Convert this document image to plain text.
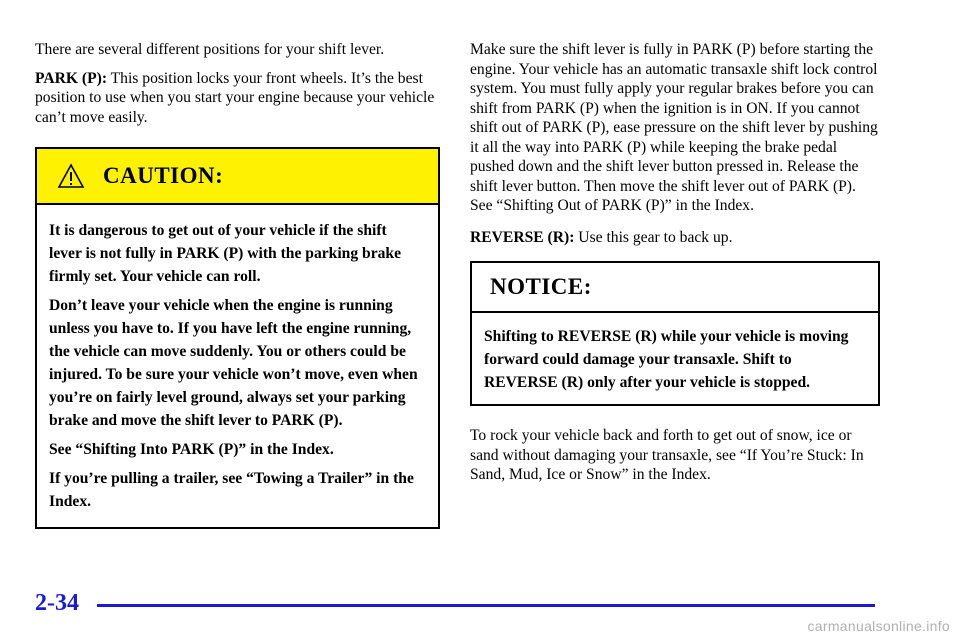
There are several different positions for your shift lever.

PARK (P): This position locks your front wheels. It’s the best position to use when you start your engine because your vehicle can’t move easily.

CAUTION:

It is dangerous to get out of your vehicle if the shift lever is not fully in PARK (P) with the parking brake firmly set. Your vehicle can roll.

Don’t leave your vehicle when the engine is running unless you have to. If you have left the engine running, the vehicle can move suddenly. You or others could be injured. To be sure your vehicle won’t move, even when you’re on fairly level ground, always set your parking brake and move the shift lever to PARK (P).

See “Shifting Into PARK (P)” in the Index.

If you’re pulling a trailer, see “Towing a Trailer” in the Index.

Make sure the shift lever is fully in PARK (P) before starting the engine. Your vehicle has an automatic transaxle shift lock control system. You must fully apply your regular brakes before you can shift from PARK (P) when the ignition is in ON. If you cannot shift out of PARK (P), ease pressure on the shift lever by pushing it all the way into PARK (P) while keeping the brake pedal pushed down and the shift lever button pressed in. Release the shift lever button. Then move the shift lever out of PARK (P). See “Shifting Out of PARK (P)” in the Index.

REVERSE (R): Use this gear to back up.

NOTICE:

Shifting to REVERSE (R) while your vehicle is moving forward could damage your transaxle. Shift to REVERSE (R) only after your vehicle is stopped.

To rock your vehicle back and forth to get out of snow, ice or sand without damaging your transaxle, see “If You’re Stuck: In Sand, Mud, Ice or Snow” in the Index.

2-34
carmanualsonline.info
